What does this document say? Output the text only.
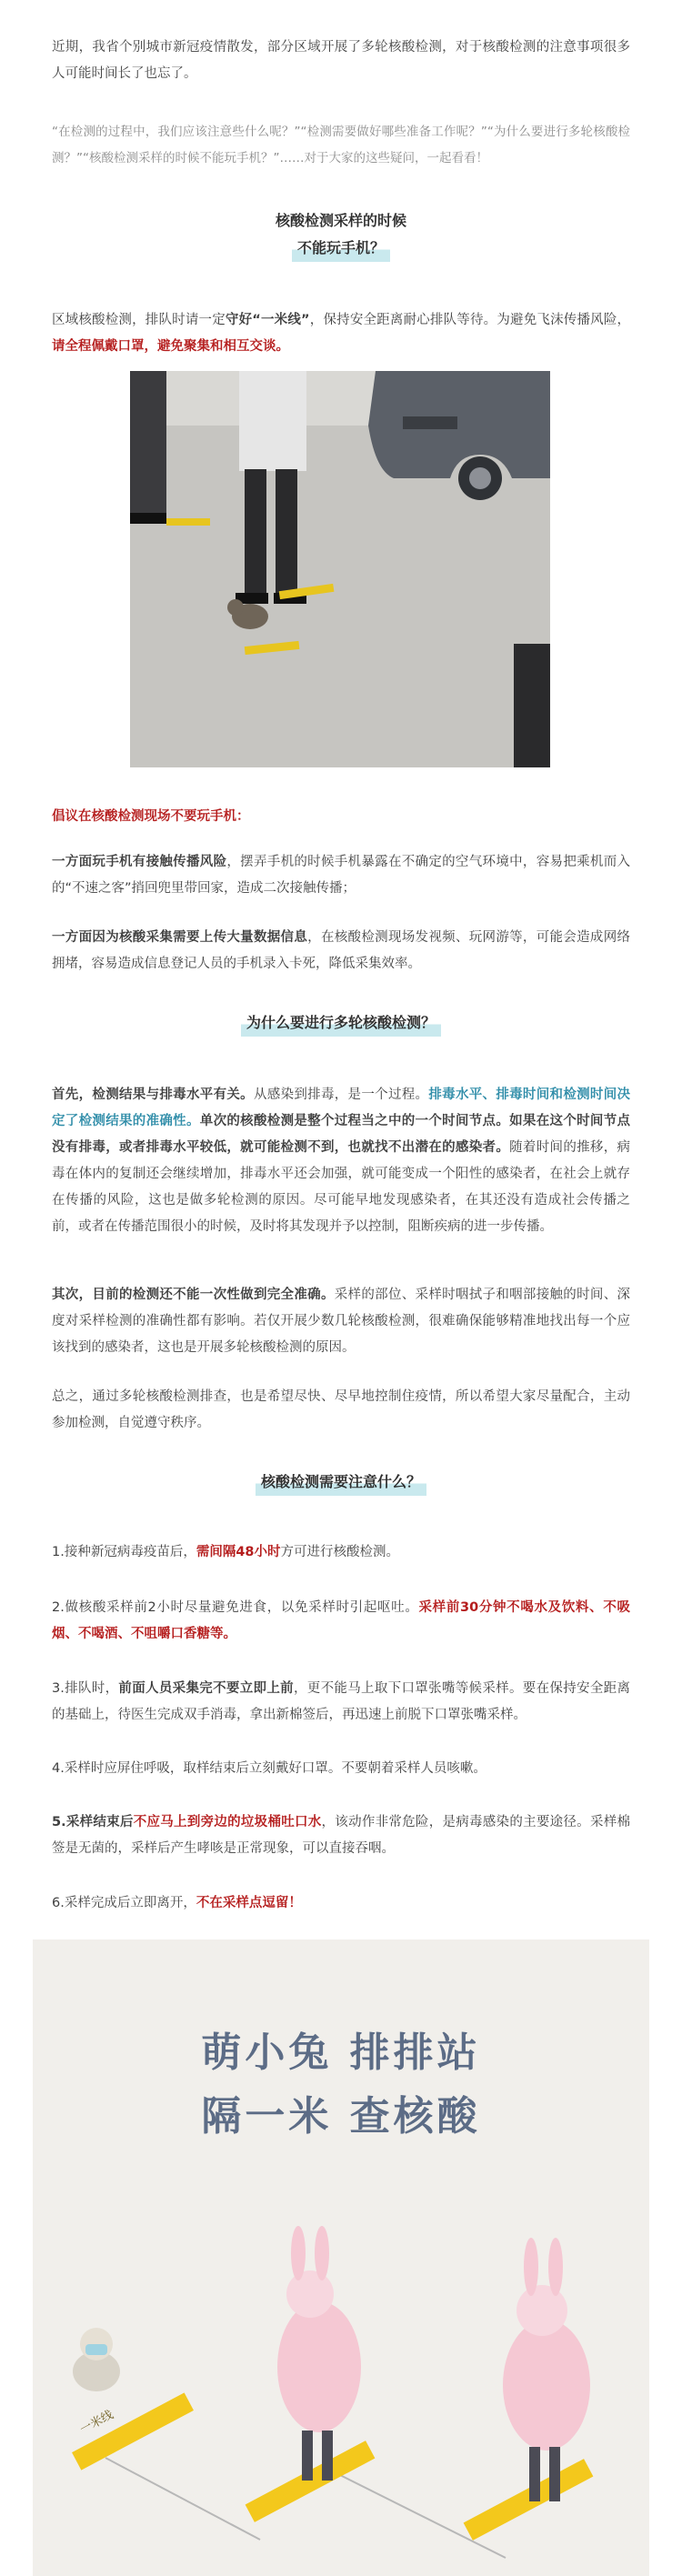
近期，我省个别城市新冠疫情散发，部分区域开展了多轮核酸检测，对于核酸检测的注意事项很多人可能时间长了也忘了。

“在检测的过程中，我们应该注意些什么呢？”“检测需要做好哪些准备工作呢？”“为什么要进行多轮核酸检测？”“核酸检测采样的时候不能玩手机？”……对于大家的这些疑问，一起看看！

核酸检测采样的时候
不能玩手机？

区域核酸检测，排队时请一定守好“一米线”，保持安全距离耐心排队等待。为避免飞沫传播风险，请全程佩戴口罩，避免聚集和相互交谈。

倡议在核酸检测现场不要玩手机：

一方面玩手机有接触传播风险，摆弄手机的时候手机暴露在不确定的空气环境中，容易把乘机而入的“不速之客”捎回兜里带回家，造成二次接触传播；

一方面因为核酸采集需要上传大量数据信息，在核酸检测现场发视频、玩网游等，可能会造成网络拥堵，容易造成信息登记人员的手机录入卡死，降低采集效率。

为什么要进行多轮核酸检测？

首先，检测结果与排毒水平有关。从感染到排毒，是一个过程。排毒水平、排毒时间和检测时间决定了检测结果的准确性。单次的核酸检测是整个过程当之中的一个时间节点。如果在这个时间节点没有排毒，或者排毒水平较低，就可能检测不到，也就找不出潜在的感染者。随着时间的推移，病毒在体内的复制还会继续增加，排毒水平还会加强，就可能变成一个阳性的感染者，在社会上就存在传播的风险，这也是做多轮检测的原因。尽可能早地发现感染者，在其还没有造成社会传播之前，或者在传播范围很小的时候，及时将其发现并予以控制，阻断疾病的进一步传播。

其次，目前的检测还不能一次性做到完全准确。采样的部位、采样时咽拭子和咽部接触的时间、深度对采样检测的准确性都有影响。若仅开展少数几轮核酸检测，很难确保能够精准地找出每一个应该找到的感染者，这也是开展多轮核酸检测的原因。

总之，通过多轮核酸检测排查，也是希望尽快、尽早地控制住疫情，所以希望大家尽量配合，主动参加检测，自觉遵守秩序。

核酸检测需要注意什么？

1.接种新冠病毒疫苗后，需间隔48小时方可进行核酸检测。

2.做核酸采样前2小时尽量避免进食，以免采样时引起呕吐。采样前30分钟不喝水及饮料、不吸烟、不喝酒、不咀嚼口香糖等。

3.排队时，前面人员采集完不要立即上前，更不能马上取下口罩张嘴等候采样。要在保持安全距离的基础上，待医生完成双手消毒，拿出新棉签后，再迅速上前脱下口罩张嘴采样。

4.采样时应屏住呼吸，取样结束后立刻戴好口罩。不要朝着采样人员咳嗽。

5.采样结束后不应马上到旁边的垃圾桶吐口水，该动作非常危险，是病毒感染的主要途径。采样棉签是无菌的，采样后产生哮咳是正常现象，可以直接吞咽。

6.采样完成后立即离开，不在采样点逗留！

萌小兔 排排站
隔一米 查核酸
一米线
